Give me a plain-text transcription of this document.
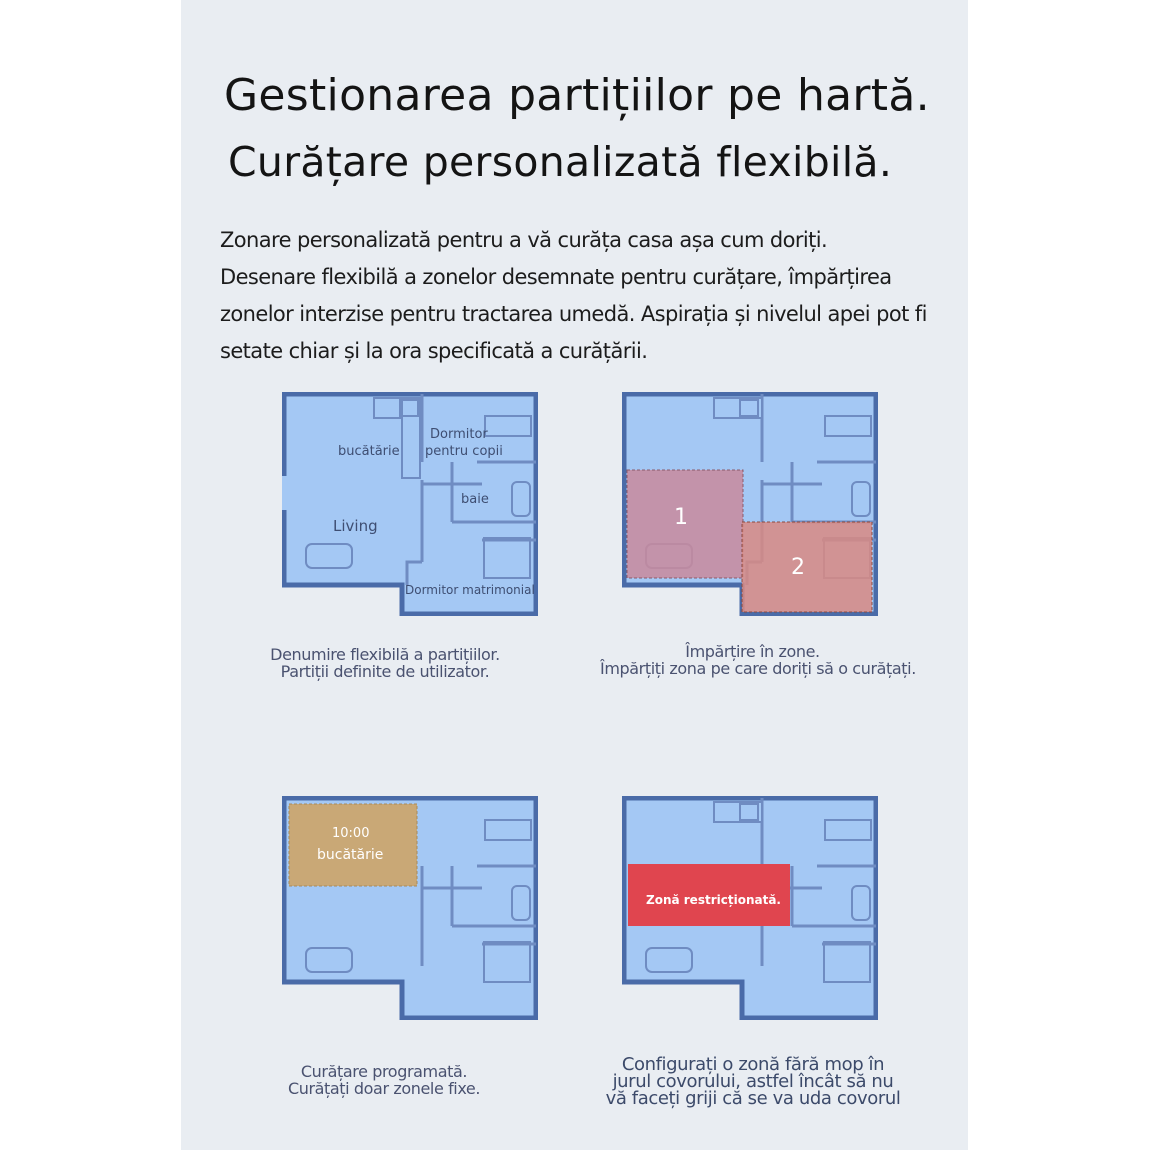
Gestionarea partițiilor pe hartă.
Curățare personalizată flexibilă.

Zonare personalizată pentru a vă curăța casa așa cum doriți.
Desenare flexibilă a zonelor desemnate pentru curățare, împărțirea
zonelor interzise pentru tractarea umedă. Aspirația și nivelul apei pot fi
setate chiar și la ora specificată a curățării.

bucătărie
Dormitor
pentru copii
baie
Living
Dormitor matrimonial

Denumire flexibilă a partițiilor.
Partiții definite de utilizator.

1
2

Împărțire în zone.
Împărțiți zona pe care doriți să o curățați.

10:00
bucătărie

Curățare programată.
Curățați doar zonele fixe.

Zonă restricționată.

Configurați o zonă fără mop în
jurul covorului, astfel încât să nu
vă faceți griji că se va uda covorul
